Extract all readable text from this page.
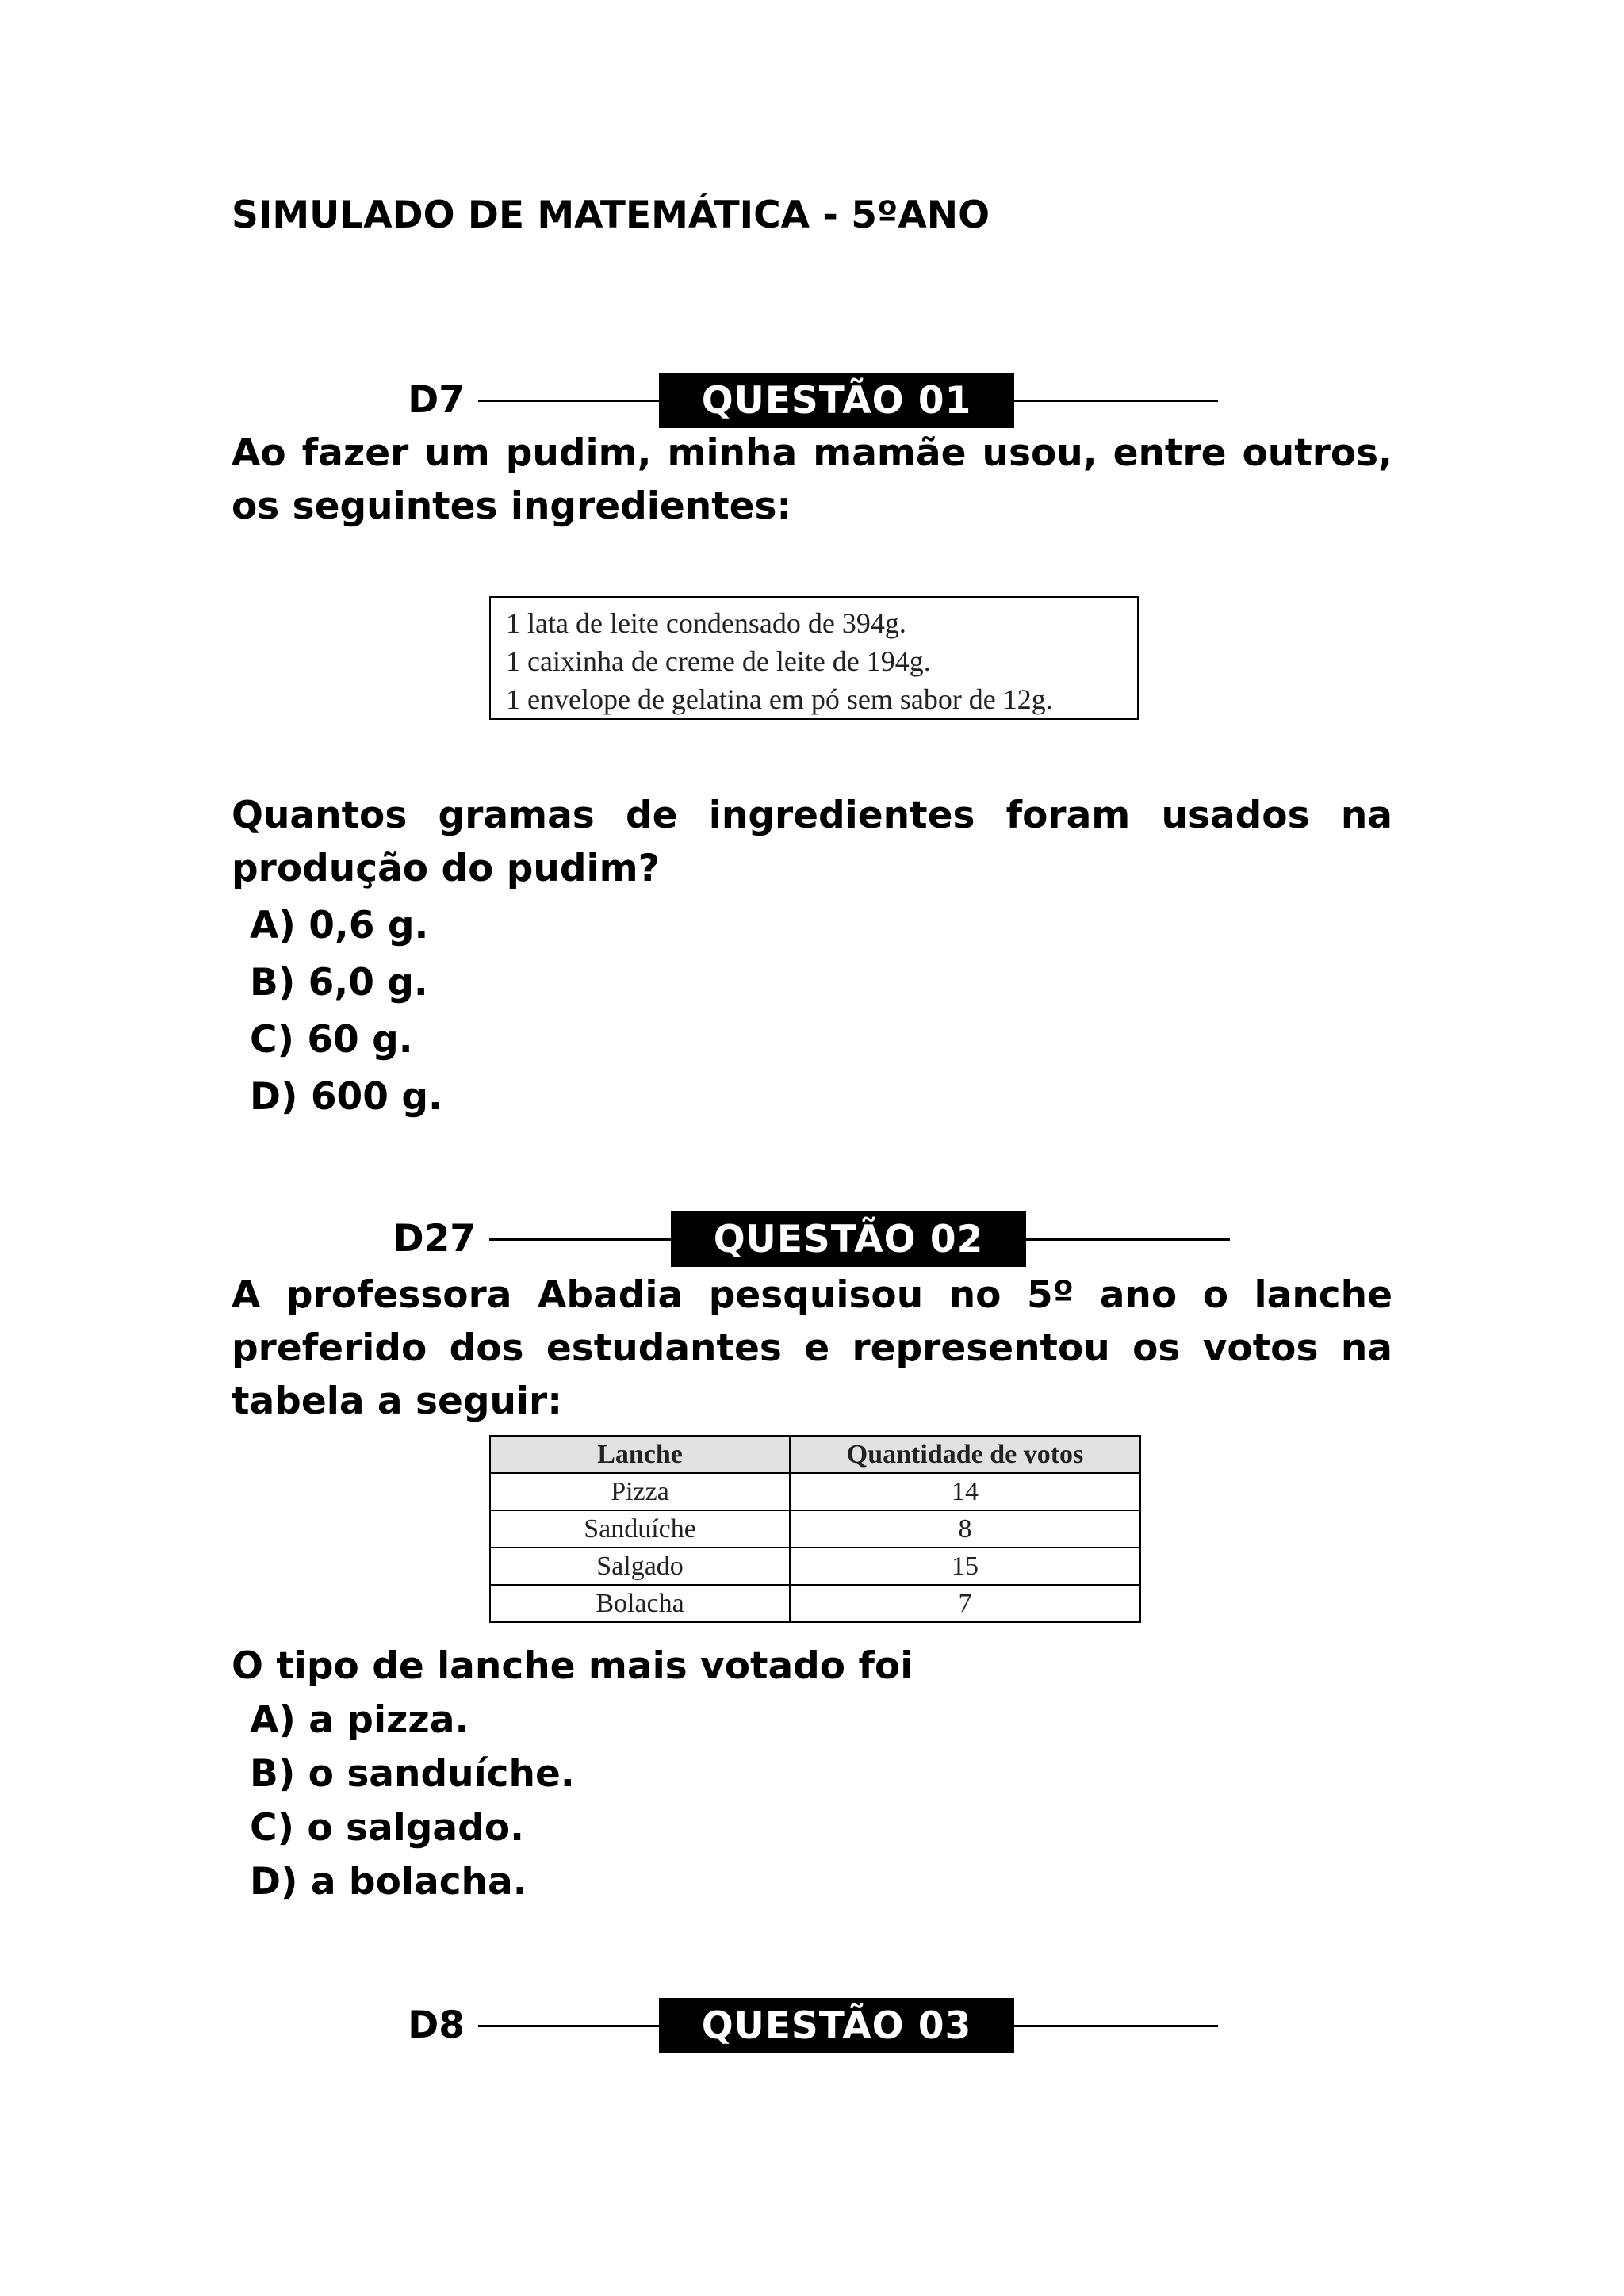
SIMULADO DE MATEMÁTICA - 5ºANO
D7	QUESTÃO 01
Ao fazer um pudim, minha mamãe usou, entre outros, os seguintes ingredientes:
1 lata de leite condensado de 394g.
1 caixinha de creme de leite de 194g.
1 envelope de gelatina em pó sem sabor de 12g.
Quantos gramas de ingredientes foram usados na produção do pudim?
A) 0,6 g.
B) 6,0 g.
C) 60 g.
D) 600 g.
D27	QUESTÃO 02
A professora Abadia pesquisou no 5º ano o lanche preferido dos estudantes e representou os votos na tabela a seguir:
Lanche	Quantidade de votos
Pizza	14
Sanduíche	8
Salgado	15
Bolacha	7
O tipo de lanche mais votado foi
A) a pizza.
B) o sanduíche.
C) o salgado.
D) a bolacha.
D8	QUESTÃO 03
